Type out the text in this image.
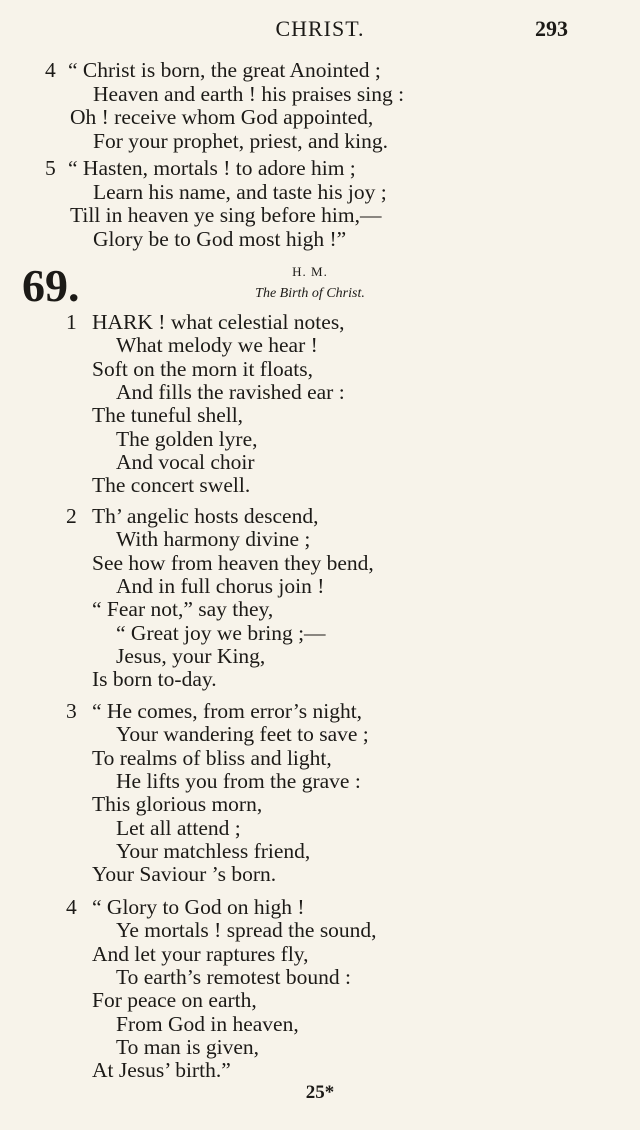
CHRIST.	293
4 “ Christ is born, the great Anointed ;
Heaven and earth ! his praises sing :
Oh ! receive whom God appointed,
For your prophet, priest, and king.
5 “ Hasten, mortals ! to adore him ;
Learn his name, and taste his joy ;
Till in heaven ye sing before him,—
Glory be to God most high !”
69.	H. M.
The Birth of Christ.
1 HARK ! what celestial notes,
What melody we hear !
Soft on the morn it floats,
And fills the ravished ear :
The tuneful shell,
The golden lyre,
And vocal choir
The concert swell.
2 Th’ angelic hosts descend,
With harmony divine ;
See how from heaven they bend,
And in full chorus join !
“ Fear not,” say they,
“ Great joy we bring ;—
Jesus, your King,
Is born to-day.
3 “ He comes, from error’s night,
Your wandering feet to save ;
To realms of bliss and light,
He lifts you from the grave :
This glorious morn,
Let all attend ;
Your matchless friend,
Your Saviour ’s born.
4 “ Glory to God on high !
Ye mortals ! spread the sound,
And let your raptures fly,
To earth’s remotest bound :
For peace on earth,
From God in heaven,
To man is given,
At Jesus’ birth.”
25*
